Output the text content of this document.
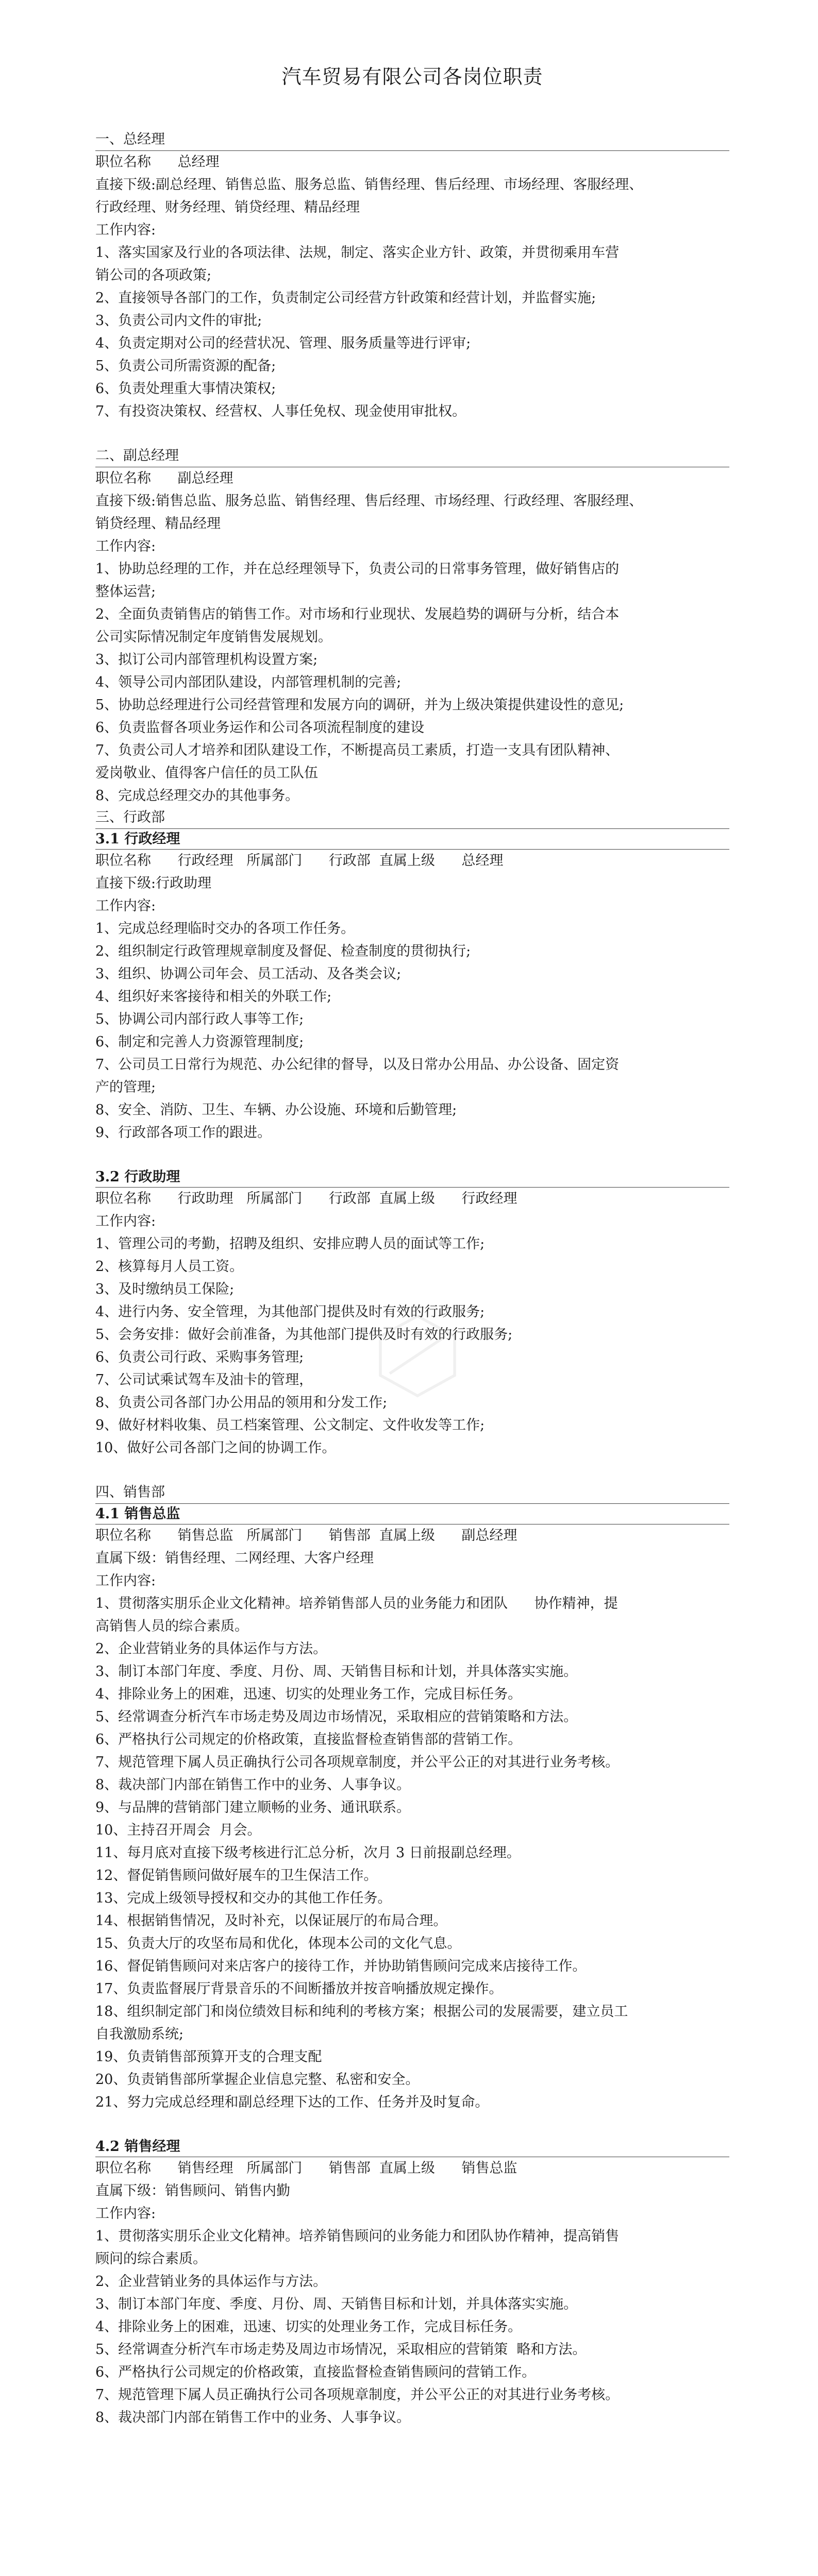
汽车贸易有限公司各岗位职责
一、总经理
职位名称      总经理
直接下级:副总经理、销售总监、服务总监、销售经理、售后经理、市场经理、客服经理、
行政经理、财务经理、销贷经理、精品经理
工作内容:
1、落实国家及行业的各项法律、法规，制定、落实企业方针、政策，并贯彻乘用车营
销公司的各项政策;
2、直接领导各部门的工作，负责制定公司经营方针政策和经营计划，并监督实施;
3、负责公司内文件的审批;
4、负责定期对公司的经营状况、管理、服务质量等进行评审;
5、负责公司所需资源的配备;
6、负责处理重大事情决策权;
7、有投资决策权、经营权、人事任免权、现金使用审批权。
二、副总经理
职位名称      副总经理
直接下级:销售总监、服务总监、销售经理、售后经理、市场经理、行政经理、客服经理、
销贷经理、精品经理
工作内容:
1、协助总经理的工作，并在总经理领导下，负责公司的日常事务管理，做好销售店的
整体运营;
2、全面负责销售店的销售工作。对市场和行业现状、发展趋势的调研与分析，结合本
公司实际情况制定年度销售发展规划。
3、拟订公司内部管理机构设置方案;
4、领导公司内部团队建设，内部管理机制的完善;
5、协助总经理进行公司经营管理和发展方向的调研，并为上级决策提供建设性的意见;
6、负责监督各项业务运作和公司各项流程制度的建设
7、负责公司人才培养和团队建设工作，不断提高员工素质，打造一支具有团队精神、
爱岗敬业、值得客户信任的员工队伍
8、完成总经理交办的其他事务。
三、行政部
3.1 行政经理
职位名称      行政经理   所属部门      行政部  直属上级      总经理
直接下级:行政助理
工作内容:
1、完成总经理临时交办的各项工作任务。
2、组织制定行政管理规章制度及督促、检查制度的贯彻执行;
3、组织、协调公司年会、员工活动、及各类会议;
4、组织好来客接待和相关的外联工作;
5、协调公司内部行政人事等工作;
6、制定和完善人力资源管理制度;
7、公司员工日常行为规范、办公纪律的督导，以及日常办公用品、办公设备、固定资
产的管理;
8、安全、消防、卫生、车辆、办公设施、环境和后勤管理;
9、行政部各项工作的跟进。
3.2 行政助理
职位名称      行政助理   所属部门      行政部  直属上级      行政经理
工作内容:
1、管理公司的考勤，招聘及组织、安排应聘人员的面试等工作;
2、核算每月人员工资。
3、及时缴纳员工保险;
4、进行内务、安全管理，为其他部门提供及时有效的行政服务;
5、会务安排：做好会前准备，为其他部门提供及时有效的行政服务;
6、负责公司行政、采购事务管理;
7、公司试乘试驾车及油卡的管理，
8、负责公司各部门办公用品的领用和分发工作;
9、做好材料收集、员工档案管理、公文制定、文件收发等工作;
10、做好公司各部门之间的协调工作。
四、销售部
4.1 销售总监
职位名称      销售总监   所属部门      销售部  直属上级      副总经理
直属下级：销售经理、二网经理、大客户经理
工作内容:
1、贯彻落实朋乐企业文化精神。培养销售部人员的业务能力和团队      协作精神，提
高销售人员的综合素质。
2、企业营销业务的具体运作与方法。
3、制订本部门年度、季度、月份、周、天销售目标和计划，并具体落实实施。
4、排除业务上的困难，迅速、切实的处理业务工作，完成目标任务。
5、经常调查分析汽车市场走势及周边市场情况，采取相应的营销策略和方法。
6、严格执行公司规定的价格政策，直接监督检查销售部的营销工作。
7、规范管理下属人员正确执行公司各项规章制度，并公平公正的对其进行业务考核。
8、裁决部门内部在销售工作中的业务、人事争议。
9、与品牌的营销部门建立顺畅的业务、通讯联系。
10、主持召开周会  月会。
11、每月底对直接下级考核进行汇总分析，次月 3 日前报副总经理。
12、督促销售顾问做好展车的卫生保洁工作。
13、完成上级领导授权和交办的其他工作任务。
14、根据销售情况，及时补充，以保证展厅的布局合理。
15、负责大厅的攻坚布局和优化，体现本公司的文化气息。
16、督促销售顾问对来店客户的接待工作，并协助销售顾问完成来店接待工作。
17、负责监督展厅背景音乐的不间断播放并按音响播放规定操作。
18、组织制定部门和岗位绩效目标和纯利的考核方案；根据公司的发展需要，建立员工
自我激励系统;
19、负责销售部预算开支的合理支配
20、负责销售部所掌握企业信息完整、私密和安全。
21、努力完成总经理和副总经理下达的工作、任务并及时复命。
4.2 销售经理
职位名称      销售经理   所属部门      销售部  直属上级      销售总监
直属下级：销售顾问、销售内勤
工作内容:
1、贯彻落实朋乐企业文化精神。培养销售顾问的业务能力和团队协作精神，提高销售
顾问的综合素质。
2、企业营销业务的具体运作与方法。
3、制订本部门年度、季度、月份、周、天销售目标和计划，并具体落实实施。
4、排除业务上的困难，迅速、切实的处理业务工作，完成目标任务。
5、经常调查分析汽车市场走势及周边市场情况，采取相应的营销策  略和方法。
6、严格执行公司规定的价格政策，直接监督检查销售顾问的营销工作。
7、规范管理下属人员正确执行公司各项规章制度，并公平公正的对其进行业务考核。
8、裁决部门内部在销售工作中的业务、人事争议。
